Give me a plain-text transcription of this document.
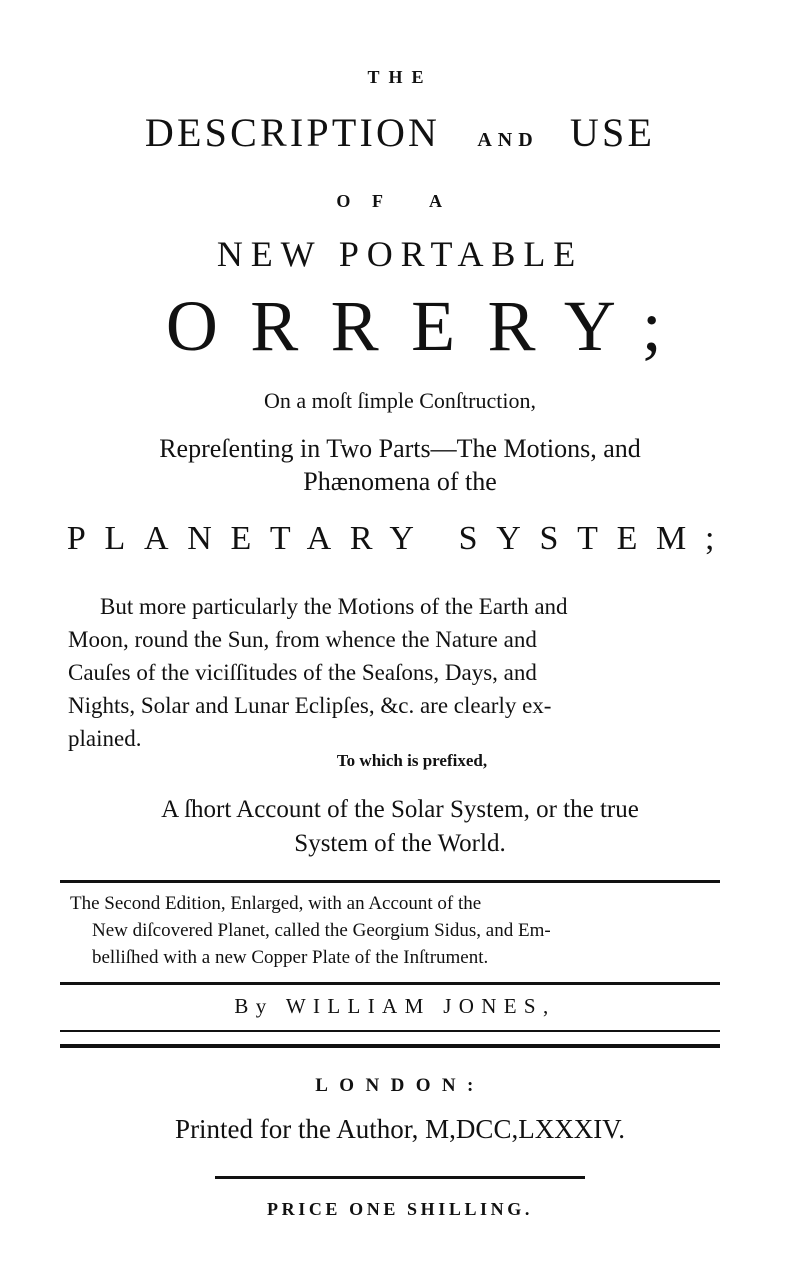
THE
DESCRIPTION AND USE
OF A
NEW PORTABLE
ORRERY;
On a moſt ſimple Conſtruction,
Repreſenting in Two Parts—The Motions, and
Phænomena of the
PLANETARY SYSTEM;
But more particularly the Motions of the Earth and
Moon, round the Sun, from whence the Nature and
Cauſes of the viciſſitudes of the Seaſons, Days, and
Nights, Solar and Lunar Eclipſes, &c. are clearly ex-
plained.
To which is prefixed,
A ſhort Account of the Solar System, or the true
System of the World.
The Second Edition, Enlarged, with an Account of the
New diſcovered Planet, called the Georgium Sidus, and Em-
belliſhed with a new Copper Plate of the Inſtrument.
By WILLIAM JONES,
LONDON:
Printed for the Author, M,DCC,LXXXIV.
PRICE ONE SHILLING.
